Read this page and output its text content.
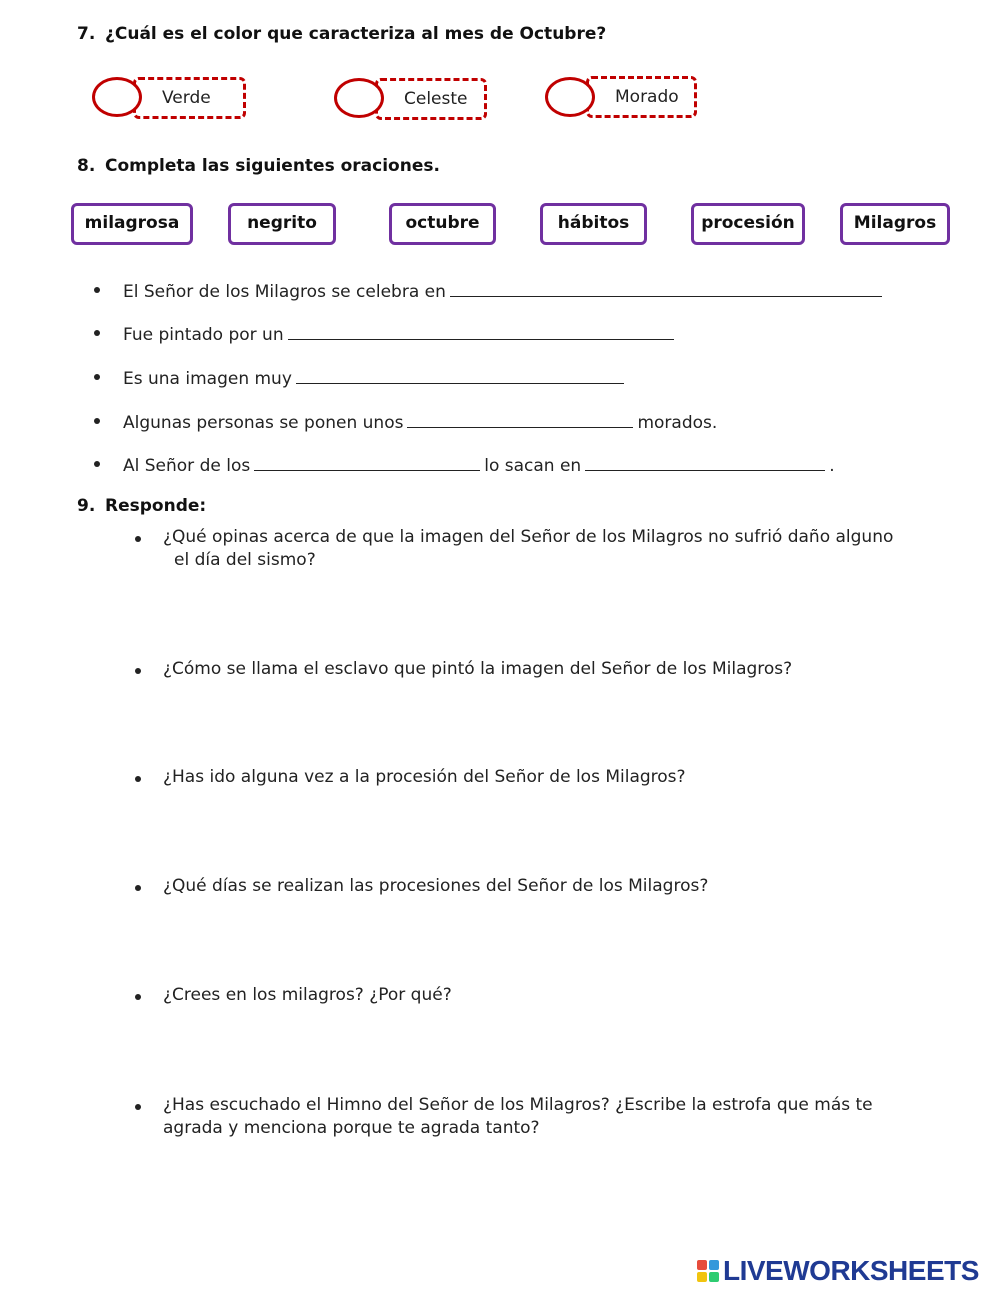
7. ¿Cuál es el color que caracteriza al mes de Octubre?
Verde	Celeste	Morado
8. Completa las siguientes oraciones.
milagrosa	negrito	octubre	hábitos	procesión	Milagros
El Señor de los Milagros se celebra en
Fue pintado por un
Es una imagen muy
Algunas personas se ponen unos	morados.
Al Señor de los	lo sacan en	.
9. Responde:
¿Qué opinas acerca de que la imagen del Señor de los Milagros no sufrió daño alguno
el día del sismo?
¿Cómo se llama el esclavo que pintó la imagen del Señor de los Milagros?
¿Has ido alguna vez a la procesión del Señor de los Milagros?
¿Qué días se realizan las procesiones del Señor de los Milagros?
¿Crees en los milagros? ¿Por qué?
¿Has escuchado el Himno del Señor de los Milagros? ¿Escribe la estrofa que más te
agrada y menciona porque te agrada tanto?
LIVEWORKSHEETS
